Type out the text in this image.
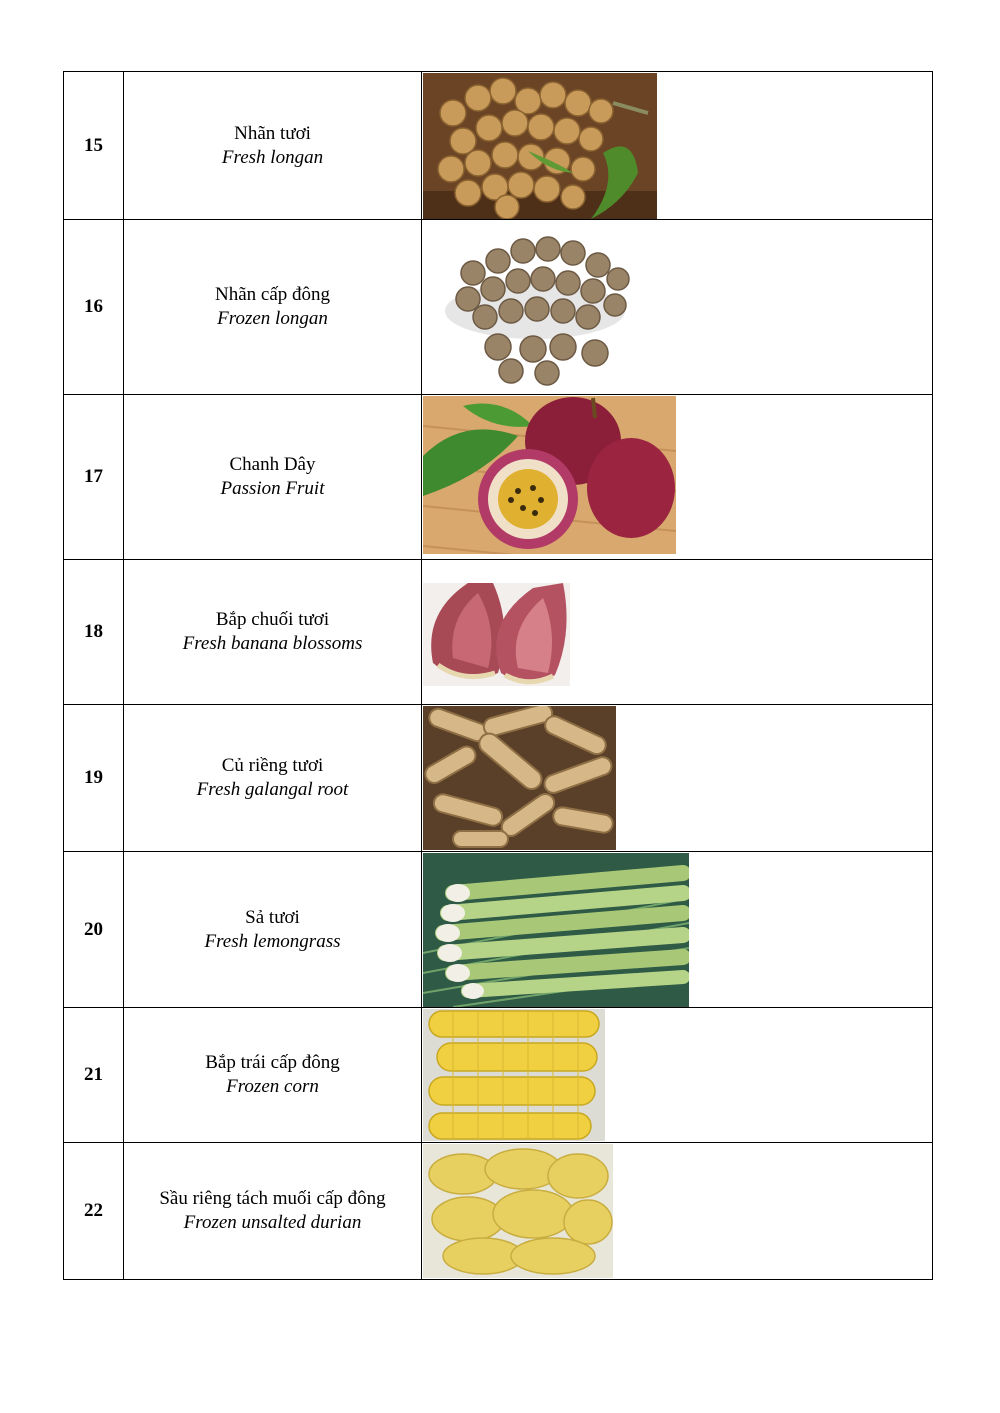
15	Nhãn tươi
Fresh longan

16	Nhãn cấp đông
Frozen longan

17	Chanh Dây
Passion Fruit

18	Bắp chuối tươi
Fresh banana blossoms

19	Củ riềng tươi
Fresh galangal root

20	Sả tươi
Fresh lemongrass

21	Bắp trái cấp đông
Frozen corn

22	Sầu riêng tách muối cấp đông
Frozen unsalted durian
